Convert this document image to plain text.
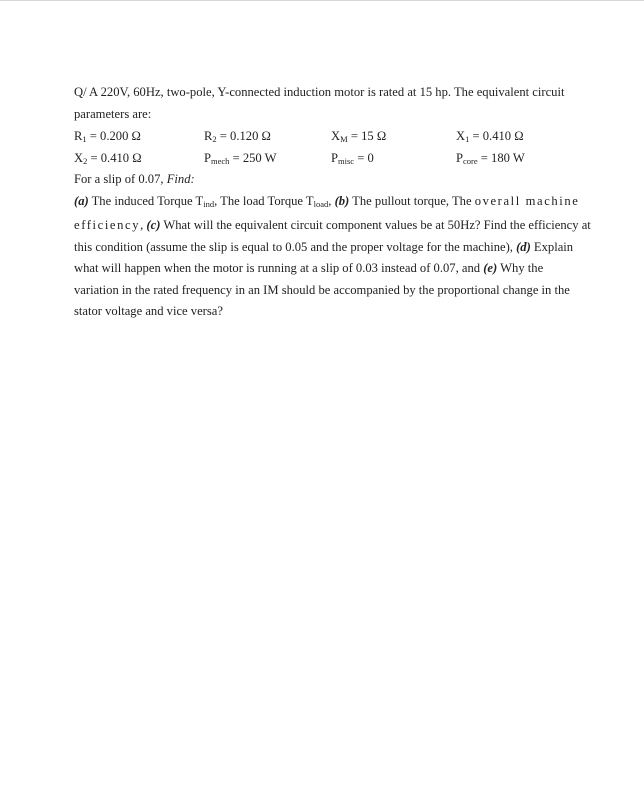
Q/ A 220V, 60Hz, two-pole, Y-connected induction motor is rated at 15 hp. The equivalent circuit
parameters are:
$R_1 = 0.200$ Ω	$R_2 = 0.120$ Ω	$X_M = 15$ Ω	$X_1 = 0.410$ Ω
$X_2 = 0.410$ Ω	$P_{mech} = 250$ W	$P_{misc} = 0$	$P_{core} = 180$ W
For a slip of 0.07, Find:
(a) The induced Torque $T_{ind}$, The load Torque $T_{load}$, (b) The pullout torque, The overall machine
efficiency, (c) What will the equivalent circuit component values be at 50Hz? Find the efficiency at
this condition (assume the slip is equal to 0.05 and the proper voltage for the machine), (d) Explain
what will happen when the motor is running at a slip of 0.03 instead of 0.07, and (e) Why the
variation in the rated frequency in an IM should be accompanied by the proportional change in the
stator voltage and vice versa?
